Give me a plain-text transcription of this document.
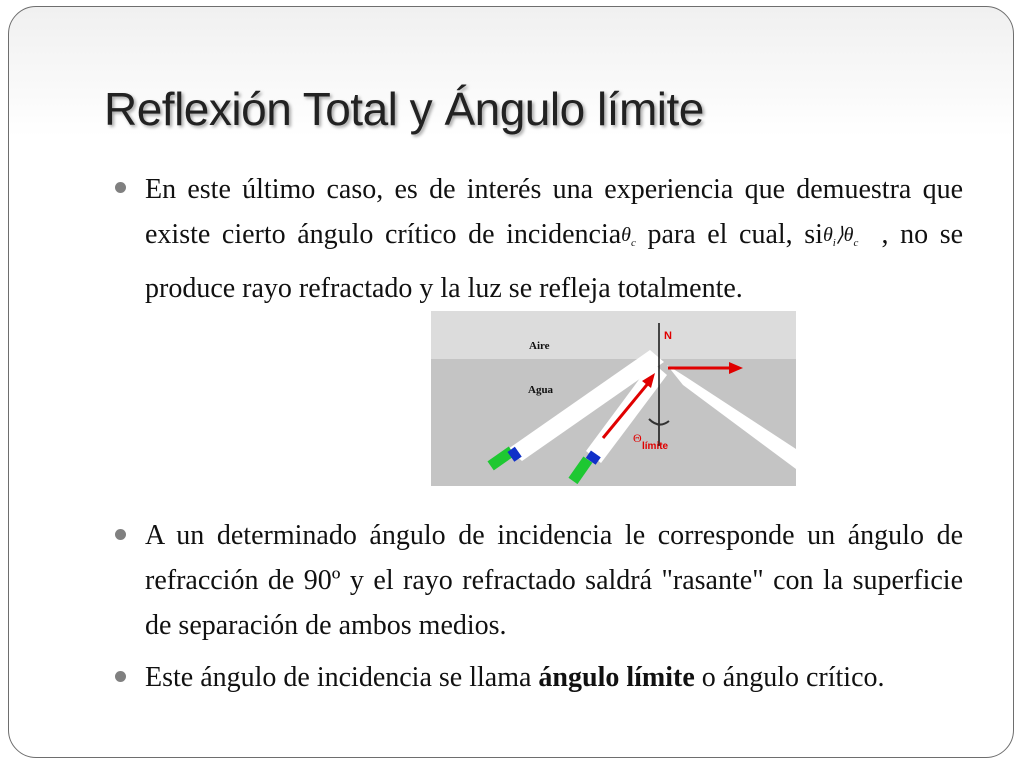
Reflexión Total y Ángulo límite

En este último caso, es de interés una experiencia que demuestra que existe cierto ángulo crítico de incidenciaθ$_c$ para el cual, $si\theta_i⟩\theta_c$ , no se produce rayo refractado y la luz se refleja totalmente.

Aire
Agua
N
Θ
límite

A un determinado ángulo de incidencia le corresponde un ángulo de refracción de 90º y el rayo refractado saldrá "rasante" con la superficie de separación de ambos medios.

Este ángulo de incidencia se llama ángulo límite o ángulo crítico.
